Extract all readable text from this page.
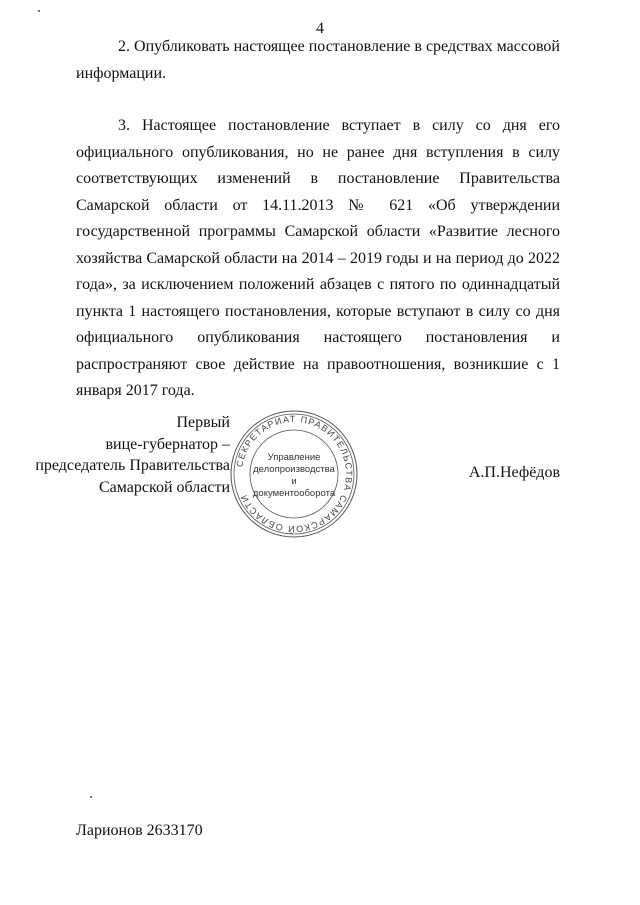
4

2. Опубликовать настоящее постановление в средствах массовой информации.

3. Настоящее постановление вступает в силу со дня его официального опубликования, но не ранее дня вступления в силу соответствующих изменений в постановление Правительства Самарской области от 14.11.2013 № 621 «Об утверждении государственной программы Самарской области «Развитие лесного хозяйства Самарской области на 2014 – 2019 годы и на период до 2022 года», за исключением положений абзацев с пятого по одиннадцатый пункта 1 настоящего постановления, которые вступают в силу со дня официального опубликования настоящего постановления и распространяют свое действие на правоотношения, возникшие с 1 января 2017 года.

Первый
вице-губернатор –
председатель Правительства
Самарской области
СЕКРЕТАРИАТ ПРАВИТЕЛЬСТВА САМАРСКОЙ ОБЛАСТИ
Управление
делопроизводства
и документооборота
А.П.Нефёдов
Ларионов 2633170
